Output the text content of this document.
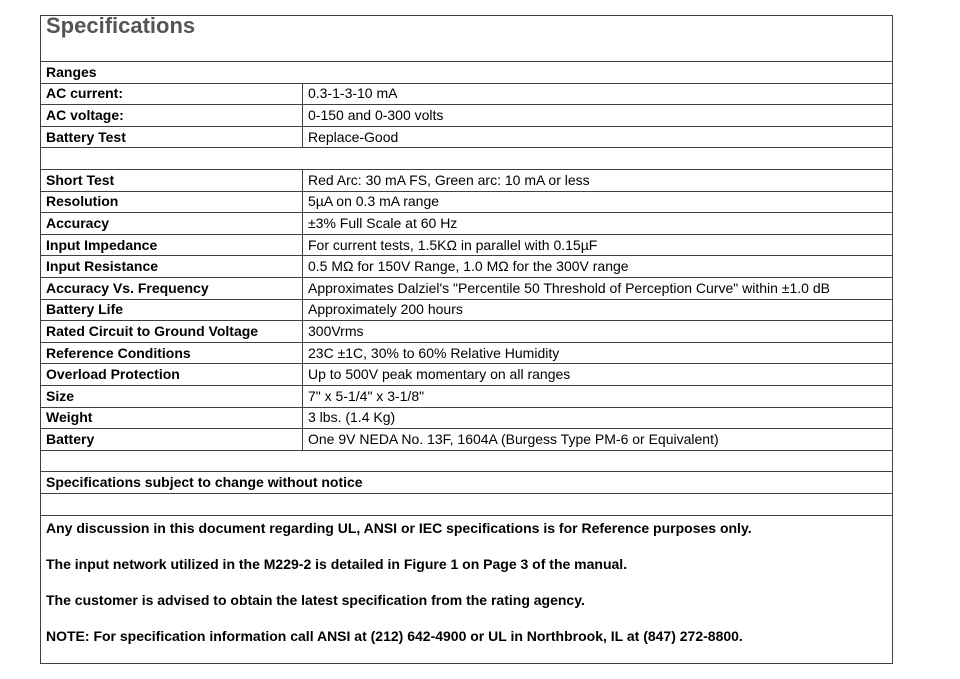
Specifications	
Ranges	
AC current:	0.3-1-3-10 mA
AC voltage:	0-150 and 0-300 volts
Battery Test	Replace-Good

Short Test	Red Arc: 30 mA FS, Green arc: 10 mA or less
Resolution	5µA on 0.3 mA range
Accuracy	±3% Full Scale at 60 Hz
Input Impedance	For current tests, 1.5KΩ in parallel with 0.15µF
Input Resistance	0.5 MΩ for 150V Range, 1.0 MΩ for the 300V range
Accuracy Vs. Frequency	Approximates Dalziel's "Percentile 50 Threshold of Perception Curve" within ±1.0 dB
Battery Life	Approximately 200 hours
Rated Circuit to Ground Voltage	300Vrms
Reference Conditions	23C ±1C, 30% to 60% Relative Humidity
Overload Protection	Up to 500V peak momentary on all ranges
Size	7" x 5-1/4" x 3-1/8"
Weight	3 lbs. (1.4 Kg)
Battery	One 9V NEDA No. 13F, 1604A (Burgess Type PM-6 or Equivalent)

Specifications subject to change without notice	

Any discussion in this document regarding UL, ANSI or IEC specifications is for Reference purposes only.
The input network utilized in the M229-2 is detailed in Figure 1 on Page 3 of the manual.
The customer is advised to obtain the latest specification from the rating agency.
NOTE: For specification information call ANSI at (212) 642-4900 or UL in Northbrook, IL at (847) 272-8800.	
